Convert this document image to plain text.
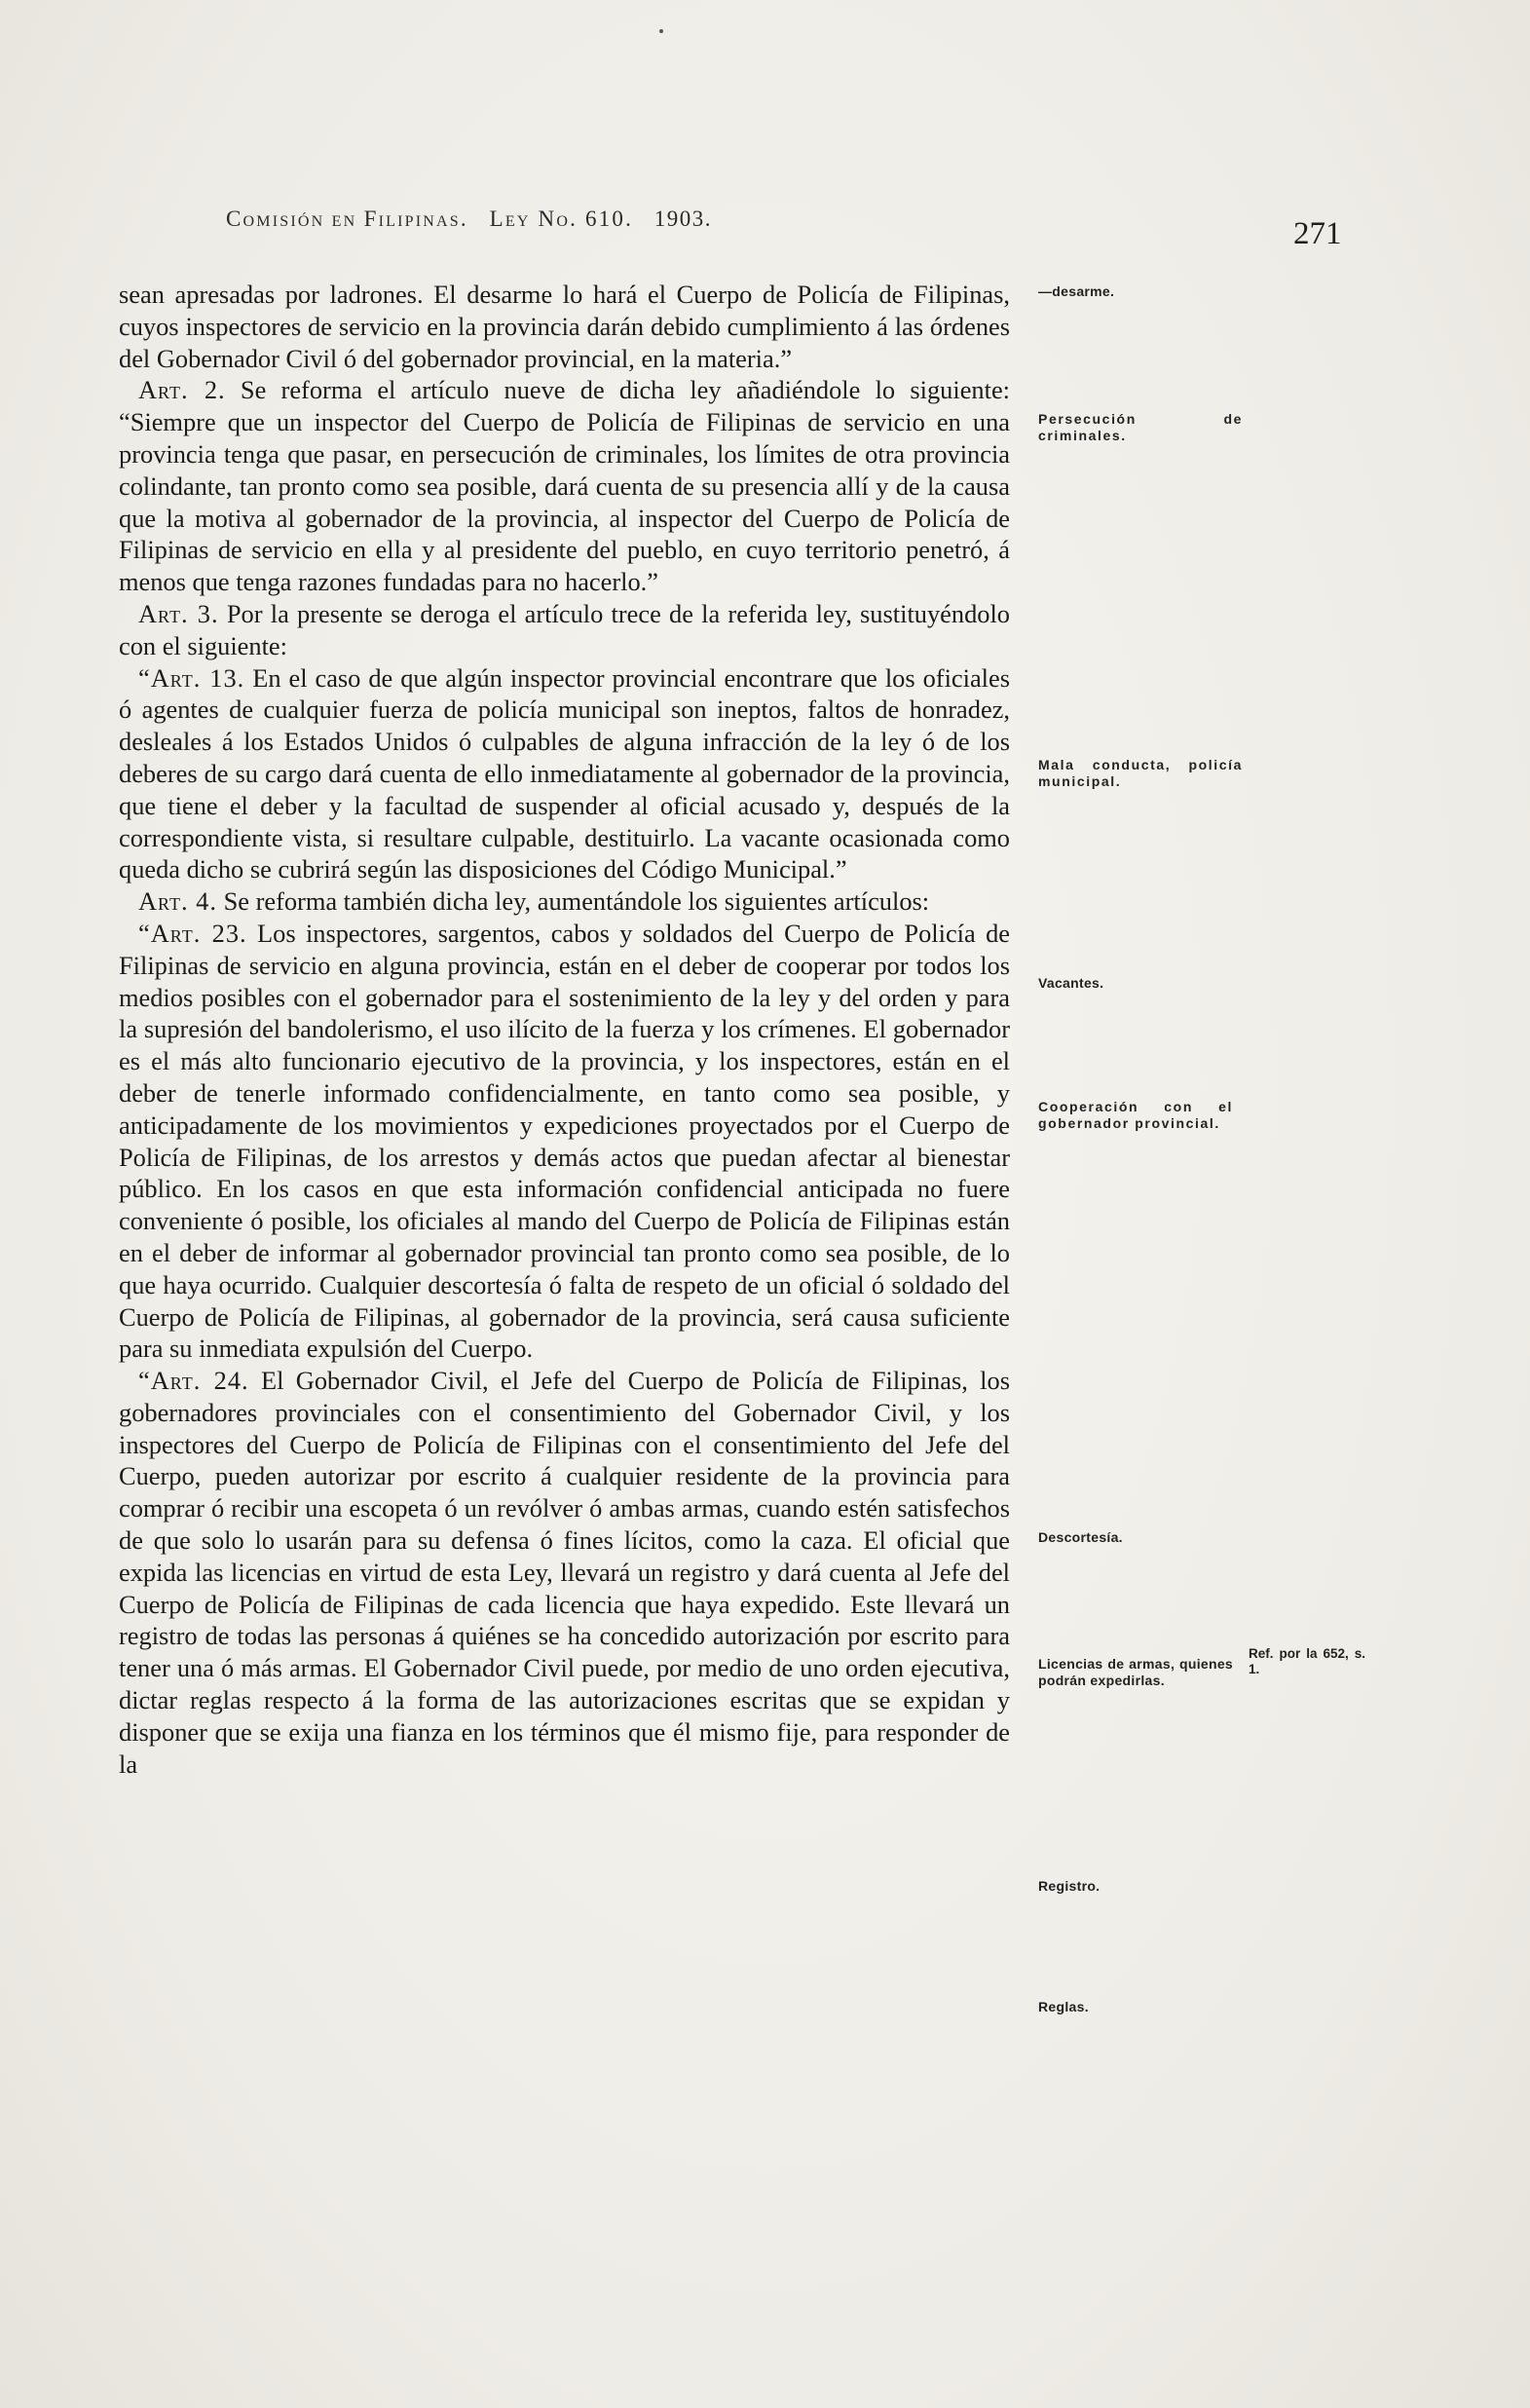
Comisión en Filipinas. Ley No. 610. 1903.	271

sean apresadas por ladrones. El desarme lo hará el Cuerpo de Policía de Filipinas, cuyos inspectores de servicio en la provincia darán debido cumplimiento á las órdenes del Gobernador Civil ó del gobernador provincial, en la materia.”

Art. 2. Se reforma el artículo nueve de dicha ley añadiéndole lo siguiente: “Siempre que un inspector del Cuerpo de Policía de Filipinas de servicio en una provincia tenga que pasar, en persecución de criminales, los límites de otra provincia colindante, tan pronto como sea posible, dará cuenta de su presencia allí y de la causa que la motiva al gobernador de la provincia, al inspector del Cuerpo de Policía de Filipinas de servicio en ella y al presidente del pueblo, en cuyo territorio penetró, á menos que tenga razones fundadas para no hacerlo.”

Art. 3. Por la presente se deroga el artículo trece de la referida ley, sustituyéndolo con el siguiente:

“Art. 13. En el caso de que algún inspector provincial encontrare que los oficiales ó agentes de cualquier fuerza de policía municipal son ineptos, faltos de honradez, desleales á los Estados Unidos ó culpables de alguna infracción de la ley ó de los deberes de su cargo dará cuenta de ello inmediatamente al gobernador de la provincia, que tiene el deber y la facultad de suspender al oficial acusado y, después de la correspondiente vista, si resultare culpable, destituirlo. La vacante ocasionada como queda dicho se cubrirá según las disposiciones del Código Municipal.”

Art. 4. Se reforma también dicha ley, aumentándole los siguientes artículos:

“Art. 23. Los inspectores, sargentos, cabos y soldados del Cuerpo de Policía de Filipinas de servicio en alguna provincia, están en el deber de cooperar por todos los medios posibles con el gobernador para el sostenimiento de la ley y del orden y para la supresión del bandolerismo, el uso ilícito de la fuerza y los crímenes. El gobernador es el más alto funcionario ejecutivo de la provincia, y los inspectores, están en el deber de tenerle informado confidencialmente, en tanto como sea posible, y anticipadamente de los movimientos y expediciones proyectados por el Cuerpo de Policía de Filipinas, de los arrestos y demás actos que puedan afectar al bienestar público. En los casos en que esta información confidencial anticipada no fuere conveniente ó posible, los oficiales al mando del Cuerpo de Policía de Filipinas están en el deber de informar al gobernador provincial tan pronto como sea posible, de lo que haya ocurrido. Cualquier descortesía ó falta de respeto de un oficial ó soldado del Cuerpo de Policía de Filipinas, al gobernador de la provincia, será causa suficiente para su inmediata expulsión del Cuerpo.

“Art. 24. El Gobernador Civil, el Jefe del Cuerpo de Policía de Filipinas, los gobernadores provinciales con el consentimiento del Gobernador Civil, y los inspectores del Cuerpo de Policía de Filipinas con el consentimiento del Jefe del Cuerpo, pueden autorizar por escrito á cualquier residente de la provincia para comprar ó recibir una escopeta ó un revólver ó ambas armas, cuando estén satisfechos de que solo lo usarán para su defensa ó fines lícitos, como la caza. El oficial que expida las licencias en virtud de esta Ley, llevará un registro y dará cuenta al Jefe del Cuerpo de Policía de Filipinas de cada licencia que haya expedido. Este llevará un registro de todas las personas á quiénes se ha concedido autorización por escrito para tener una ó más armas. El Gobernador Civil puede, por medio de uno orden ejecutiva, dictar reglas respecto á la forma de las autorizaciones escritas que se expidan y disponer que se exija una fianza en los términos que él mismo fije, para responder de la

—desarme.
Persecución de criminales.
Mala conducta, policía municipal.
Vacantes.
Cooperación con el gobernador provincial.
Descortesía.
Licencias de armas, quienes podrán expedirlas.
Ref. por la 652, s. 1.
Registro.
Reglas.
